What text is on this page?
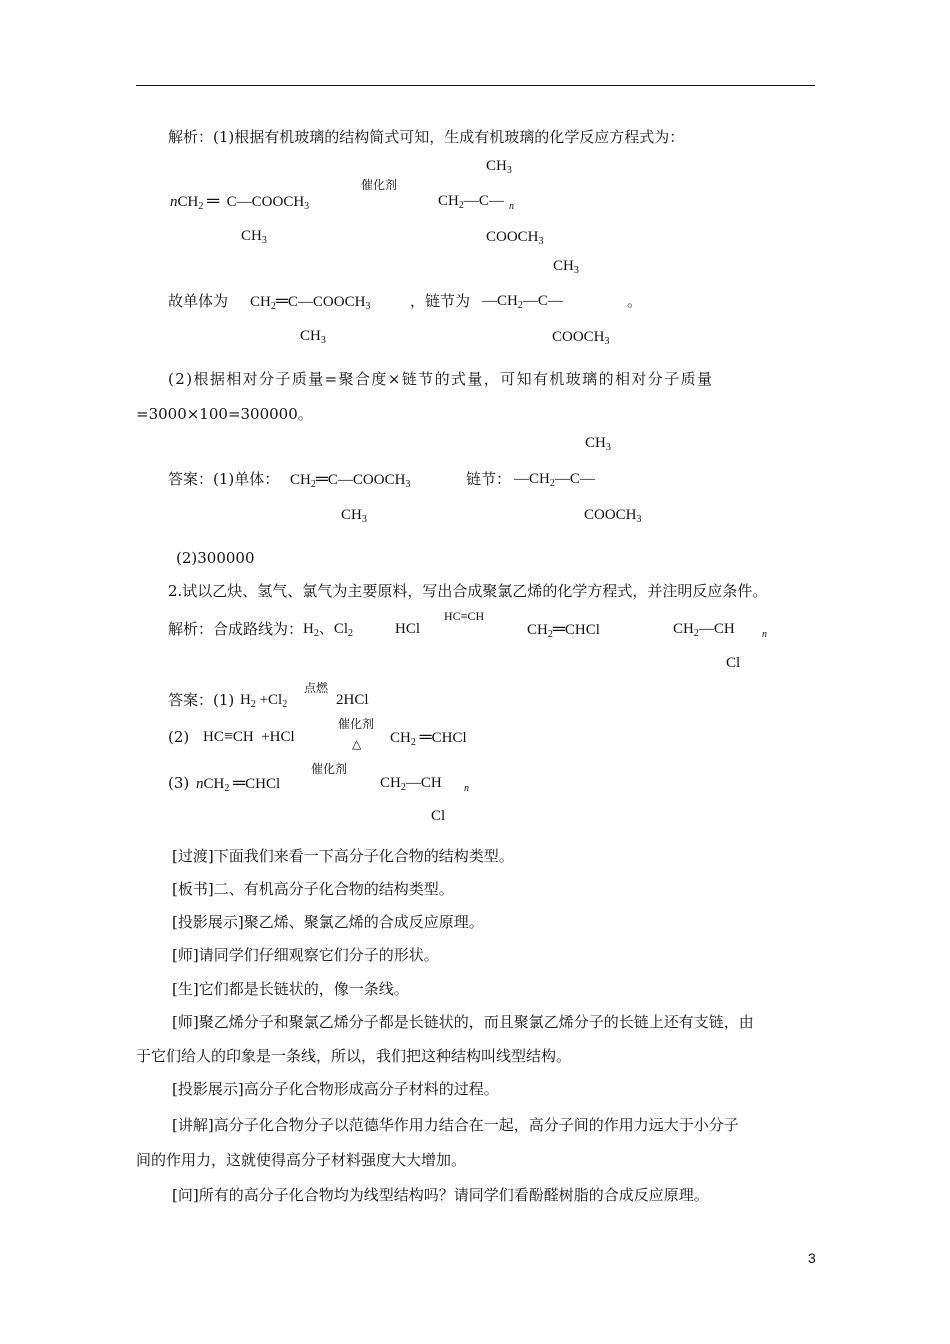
解析：(1)根据有机玻璃的结构简式可知，生成有机玻璃的化学反应方程式为：
nCH$_2$ ═  $C—COOCH_3$
$CH_3$
催化剂
$CH_3$
$CH_2—C—$ n
$COOCH_3$
故单体为 $CH_2═C—COOCH_3$
$CH_3$
，链节为
$CH_3$
$—CH_2—C—$
$COOCH_3$
。
(2)根据相对分子质量=聚合度×链节的式量，可知有机玻璃的相对分子质量
=3000×100=300000。
答案：(1)单体： $CH_2═C—COOCH_3$
$CH_3$
链节：
$CH_3$
$—CH_2—C—$
$COOCH_3$
(2)300000
2.试以乙炔、氢气、氯气为主要原料，写出合成聚氯乙烯的化学方程式，并注明反应条件。
解析：合成路线为： $H_2$、$Cl_2$	HCl
HC≡CH
$CH_2═CHCl$	$CH_2—CH$	n
Cl
答案：(1) $H_2 +Cl_2$
点燃
2HCl
(2) HC≡CH  +HCl
催化剂
△ $CH_2$ ═CHCl
(3) nCH$_2$ ═CHCl
催化剂
$CH_2—CH$ n
Cl
[过渡]下面我们来看一下高分子化合物的结构类型。
[板书]二、有机高分子化合物的结构类型。
[投影展示]聚乙烯、聚氯乙烯的合成反应原理。
[师]请同学们仔细观察它们分子的形状。
[生]它们都是长链状的，像一条线。
[师]聚乙烯分子和聚氯乙烯分子都是长链状的，而且聚氯乙烯分子的长链上还有支链，由
于它们给人的印象是一条线，所以，我们把这种结构叫线型结构。
[投影展示]高分子化合物形成高分子材料的过程。
[讲解]高分子化合物分子以范德华作用力结合在一起，高分子间的作用力远大于小分子
间的作用力，这就使得高分子材料强度大大增加。
[问]所有的高分子化合物均为线型结构吗？请同学们看酚醛树脂的合成反应原理。
3
